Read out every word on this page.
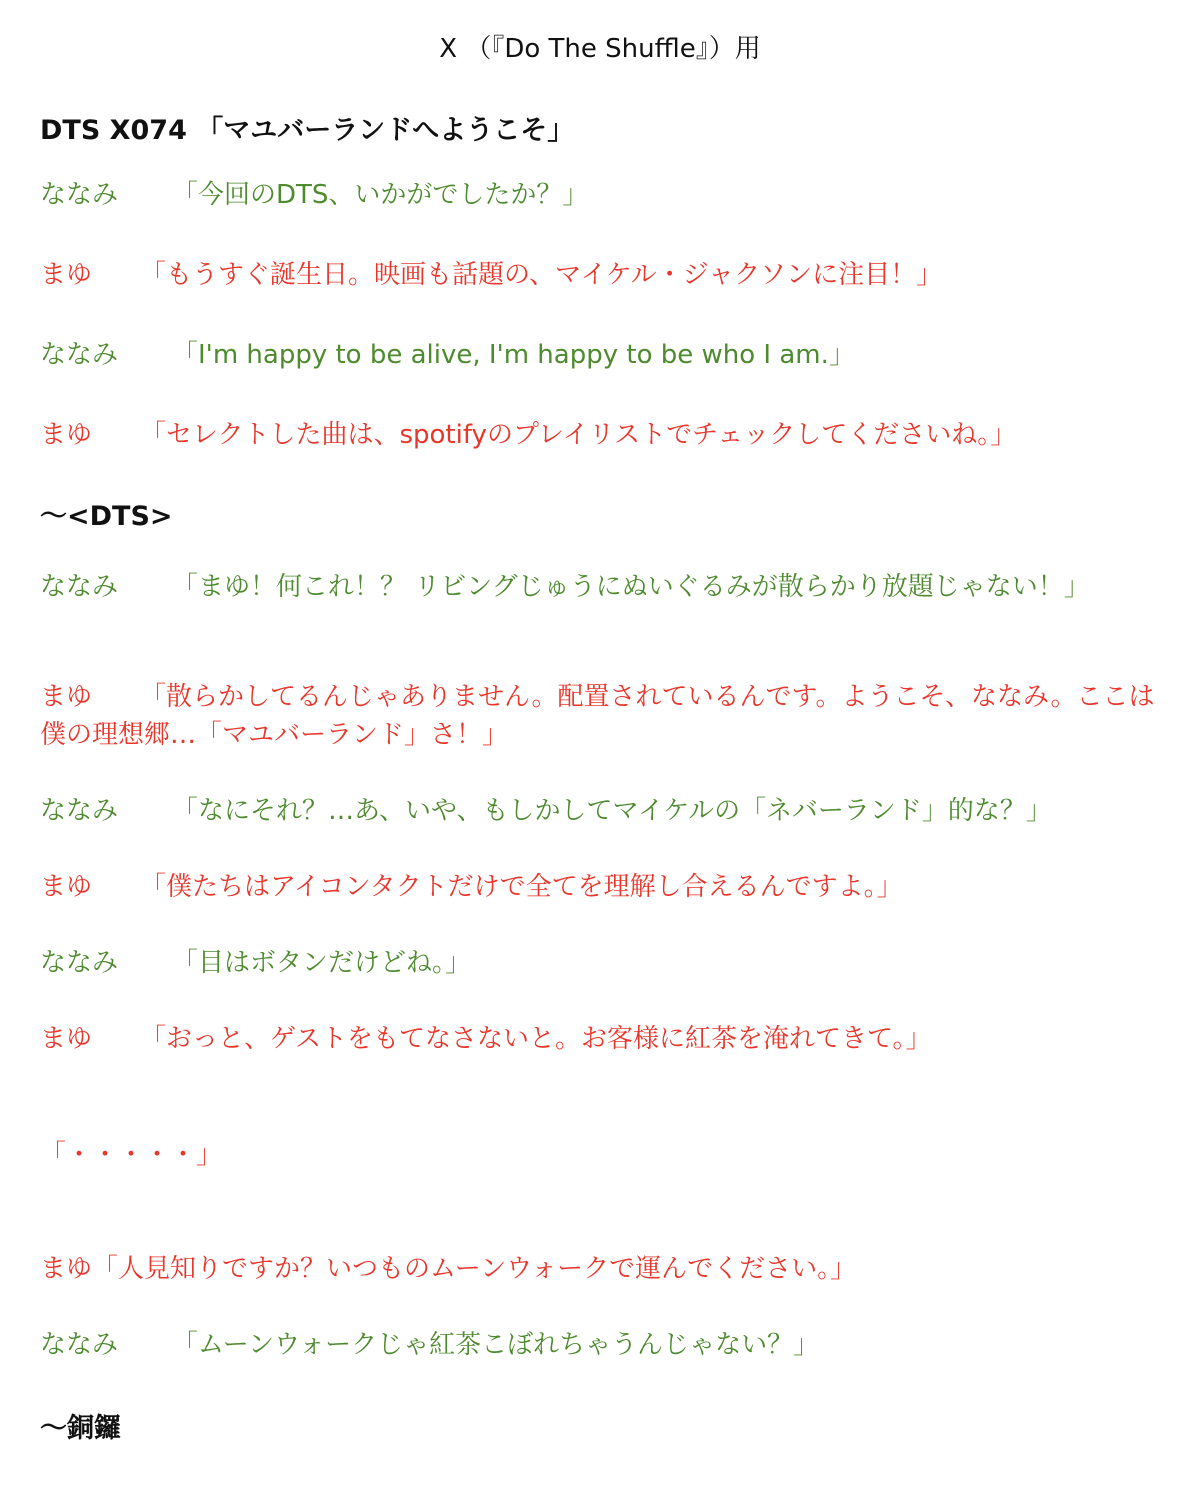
X （『Do The Shuffle』）用
DTS X074 「マユバーランドへようこそ」

ななみ 「今回のDTS、いかがでしたか？」

まゆ 「もうすぐ誕生日。映画も話題の、マイケル・ジャクソンに注目！」

ななみ 「I'm happy to be alive, I'm happy to be who I am.」

まゆ 「セレクトした曲は、spotifyのプレイリストでチェックしてくださいね。」

〜<DTS>

ななみ 「まゆ！何これ！？ リビングじゅうにぬいぐるみが散らかり放題じゃない！」

まゆ 「散らかしてるんじゃありません。配置されているんです。ようこそ、ななみ。ここは僕の理想郷…「マユバーランド」さ！」

ななみ 「なにそれ？…あ、いや、もしかしてマイケルの「ネバーランド」的な？」

まゆ 「僕たちはアイコンタクトだけで全てを理解し合えるんですよ。」

ななみ 「目はボタンだけどね。」

まゆ 「おっと、ゲストをもてなさないと。お客様に紅茶を淹れてきて。」

「・・・・・」

まゆ「人見知りですか？いつものムーンウォークで運んでください。」

ななみ 「ムーンウォークじゃ紅茶こぼれちゃうんじゃない？」

〜銅鑼
